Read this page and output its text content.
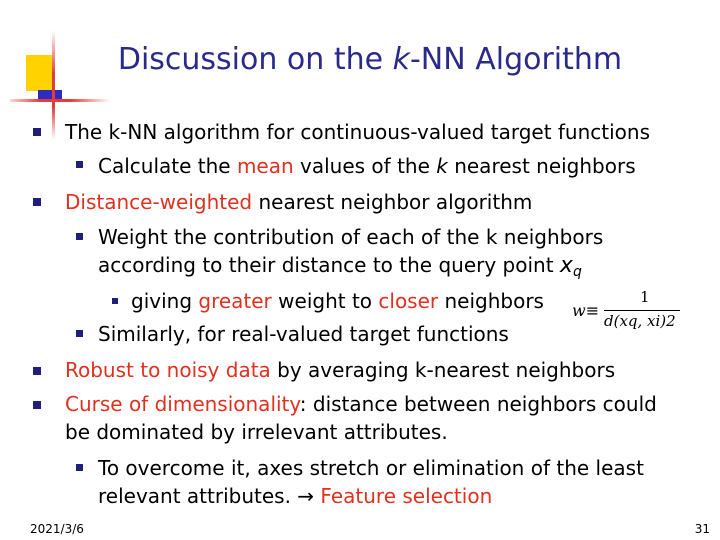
Discussion on the k-NN Algorithm
The k-NN algorithm for continuous-valued target functions
Calculate the mean values of the k nearest neighbors
Distance-weighted nearest neighbor algorithm
Weight the contribution of each of the k neighbors
according to their distance to the query point $x_q$
giving greater weight to closer neighbors w≡
1
d(xq, xi)2
Similarly, for real-valued target functions
Robust to noisy data by averaging k-nearest neighbors
Curse of dimensionality: distance between neighbors could
be dominated by irrelevant attributes.
To overcome it, axes stretch or elimination of the least
relevant attributes. → Feature selection
2021/3/6	31
